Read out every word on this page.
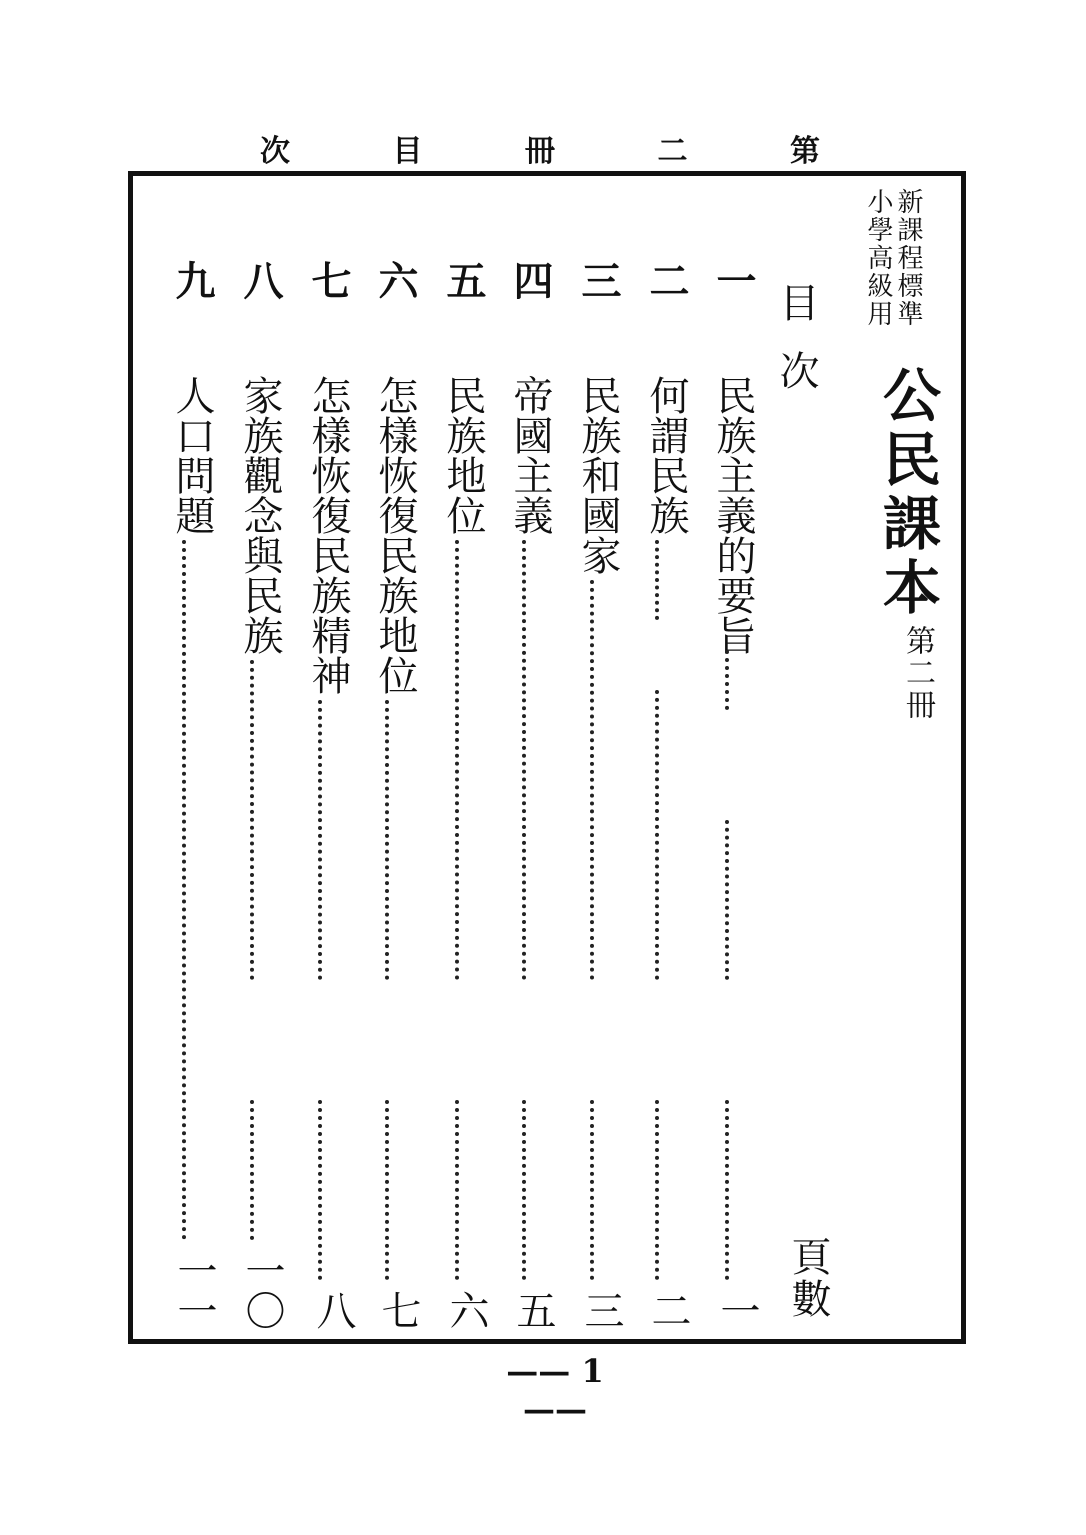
第
二
冊
目
次
新課程標準
小學高級用
公民課本
第二冊
目次
頁數
一
民族主義的要旨
一
二
何謂民族
二
三
民族和國家
三
四
帝國主義
五
五
民族地位
六
六
怎樣恢復民族地位
七
七
怎樣恢復民族精神
八
八
家族觀念與民族
一〇
九
人口問題
一一
—— 1 ——
